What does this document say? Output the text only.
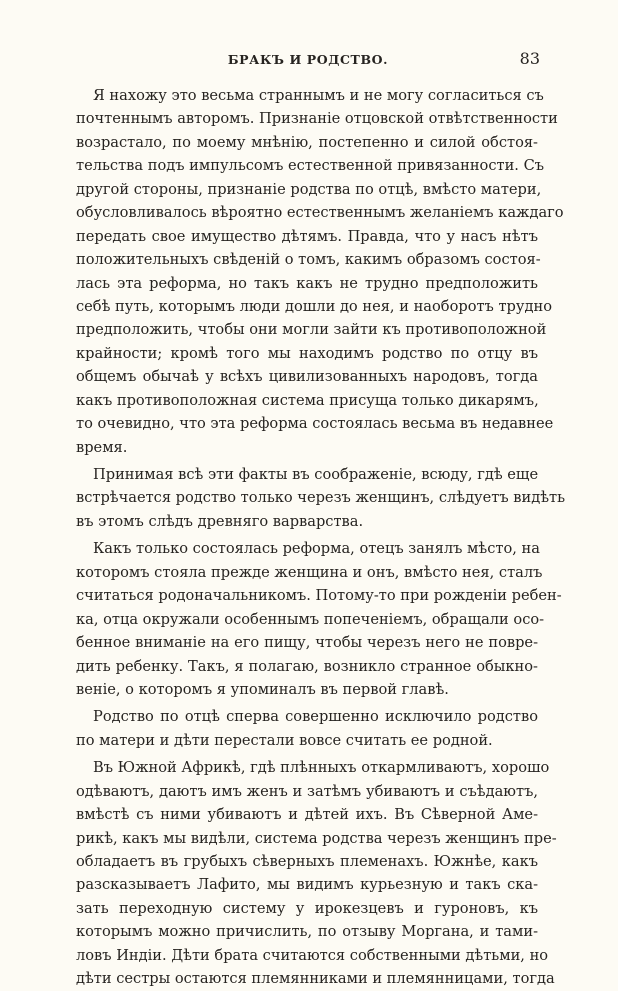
БРАКЪ И РОДСТВО.	83
Я нахожу это весьма страннымъ и не могу согласиться съ
почтеннымъ авторомъ. Признаніе отцовской отвѣтственности
возрастало, по моему мнѣнію, постепенно и силой обстоя-
тельства подъ импульсомъ естественной привязанности. Съ
другой стороны, признаніе родства по отцѣ, вмѣсто матери,
обусловливалось вѣроятно естественнымъ желаніемъ каждаго
передать свое имущество дѣтямъ. Правда, что у насъ нѣтъ
положительныхъ свѣденій о томъ, какимъ образомъ состоя-
лась эта реформа, но такъ какъ не трудно предположить
себѣ путь, которымъ люди дошли до нея, и наоборотъ трудно
предположить, чтобы они могли зайти къ противоположной
крайности; кромѣ того мы находимъ родство по отцу въ
общемъ обычаѣ у всѣхъ цивилизованныхъ народовъ, тогда
какъ противоположная система присуща только дикарямъ,
то очевидно, что эта реформа состоялась весьма въ недавнее
время.
Принимая всѣ эти факты въ соображеніе, всюду, гдѣ еще
встрѣчается родство только черезъ женщинъ, слѣдуетъ видѣть
въ этомъ слѣдъ древняго варварства.
Какъ только состоялась реформа, отецъ занялъ мѣсто, на
которомъ стояла прежде женщина и онъ, вмѣсто нея, сталъ
считаться родоначальникомъ. Потому-то при рожденіи ребен-
ка, отца окружали особеннымъ попеченіемъ, обращали осо-
бенное вниманіе на его пищу, чтобы черезъ него не повре-
дить ребенку. Такъ, я полагаю, возникло странное обыкно-
веніе, о которомъ я упоминалъ въ первой главѣ.
Родство по отцѣ сперва совершенно исключило родство
по матери и дѣти перестали вовсе считать ее родной.
Въ Южной Африкѣ, гдѣ плѣнныхъ откармливаютъ, хорошо
одѣваютъ, даютъ имъ женъ и затѣмъ убиваютъ и съѣдаютъ,
вмѣстѣ съ ними убиваютъ и дѣтей ихъ. Въ Сѣверной Аме-
рикѣ, какъ мы видѣли, система родства черезъ женщинъ пре-
обладаетъ въ грубыхъ сѣверныхъ племенахъ. Южнѣе, какъ
разсказываетъ Лафито, мы видимъ курьезную и такъ ска-
зать переходную систему у ирокезцевъ и гуроновъ, къ
которымъ можно причислить, по отзыву Моргана, и тами-
ловъ Индіи. Дѣти брата считаются собственными дѣтьми, но
дѣти сестры остаются племянниками и племянницами, тогда
